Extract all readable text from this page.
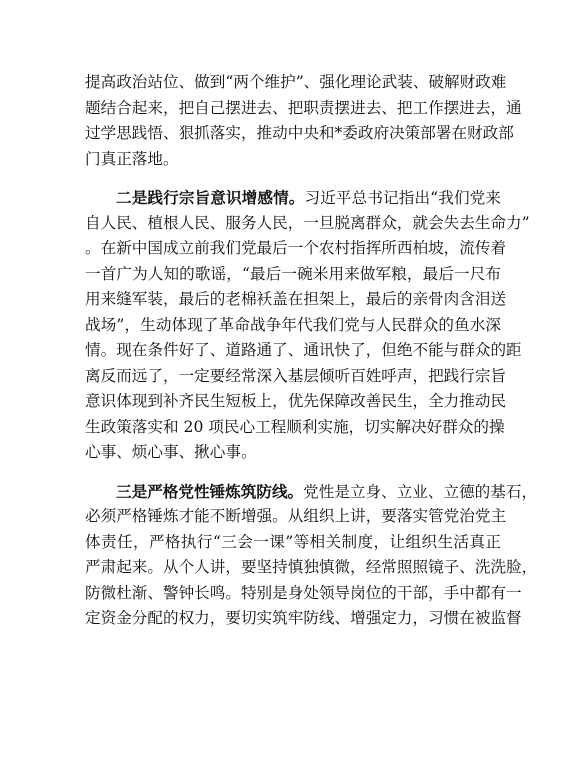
提高政治站位、做到“两个维护”、强化理论武装、破解财政难
题结合起来，把自己摆进去、把职责摆进去、把工作摆进去，通
过学思践悟、狠抓落实，推动中央和*委政府决策部署在财政部
门真正落地。
二是践行宗旨意识增感情。习近平总书记指出“我们党来
自人民、植根人民、服务人民，一旦脱离群众，就会失去生命力”
。在新中国成立前我们党最后一个农村指挥所西柏坡，流传着
一首广为人知的歌谣，“最后一碗米用来做军粮，最后一尺布
用来缝军装，最后的老棉袄盖在担架上，最后的亲骨肉含泪送
战场”，生动体现了革命战争年代我们党与人民群众的鱼水深
情。现在条件好了、道路通了、通讯快了，但绝不能与群众的距
离反而远了，一定要经常深入基层倾听百姓呼声，把践行宗旨
意识体现到补齐民生短板上，优先保障改善民生，全力推动民
生政策落实和 20 项民心工程顺利实施，切实解决好群众的操
心事、烦心事、揪心事。
三是严格党性锤炼筑防线。党性是立身、立业、立德的基石，
必须严格锤炼才能不断增强。从组织上讲，要落实管党治党主
体责任，严格执行“三会一课”等相关制度，让组织生活真正
严肃起来。从个人讲，要坚持慎独慎微，经常照照镜子、洗洗脸，
防微杜渐、警钟长鸣。特别是身处领导岗位的干部，手中都有一
定资金分配的权力，要切实筑牢防线、增强定力，习惯在被监督
